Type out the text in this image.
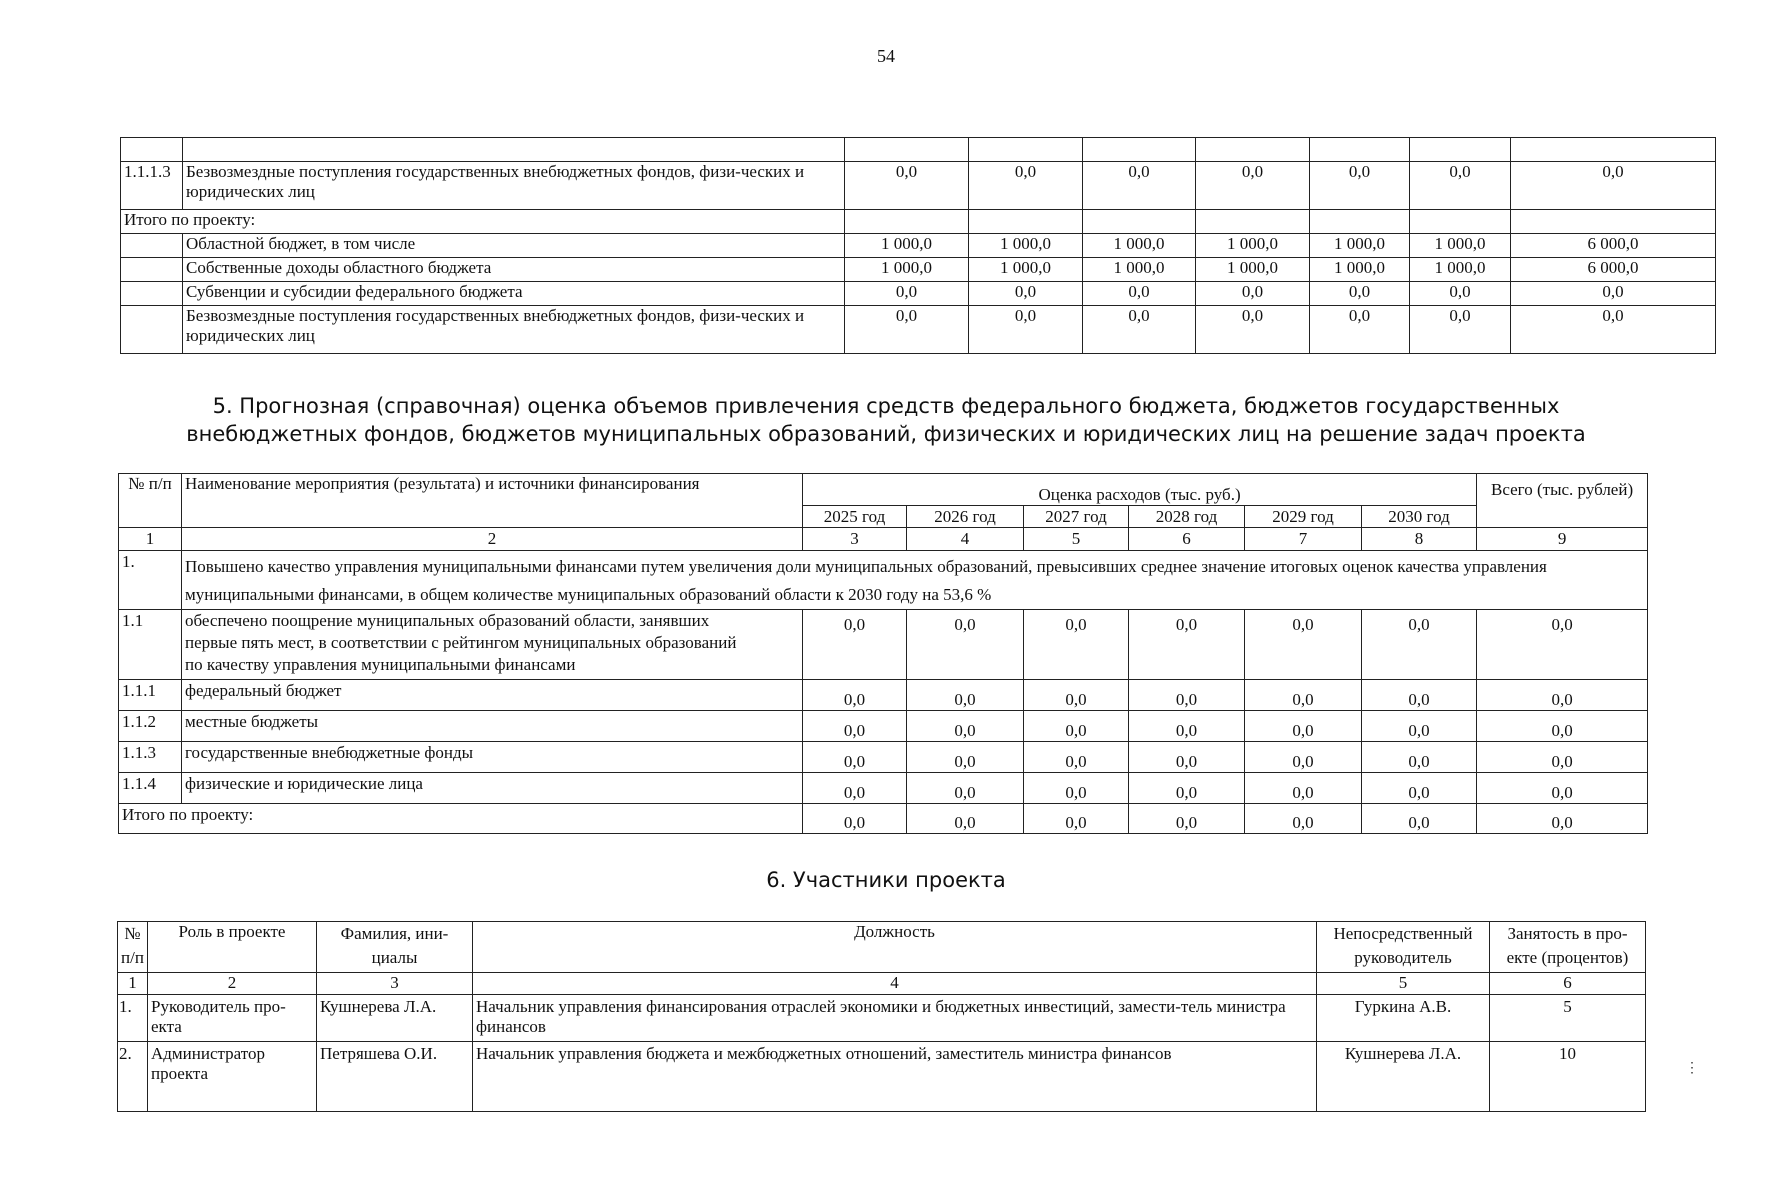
54

1.1.1.3	Безвозмездные поступления государственных внебюджетных фондов, физи-ческих и юридических лиц	0,0	0,0	0,0	0,0	0,0	0,0	0,0
Итого по проекту:								
	Областной бюджет, в том числе	1 000,0	1 000,0	1 000,0	1 000,0	1 000,0	1 000,0	6 000,0
	Собственные доходы областного бюджета	1 000,0	1 000,0	1 000,0	1 000,0	1 000,0	1 000,0	6 000,0
	Субвенции и субсидии федерального бюджета	0,0	0,0	0,0	0,0	0,0	0,0	0,0
	Безвозмездные поступления государственных внебюджетных фондов, физи-ческих и юридических лиц	0,0	0,0	0,0	0,0	0,0	0,0	0,0
5. Прогнозная (справочная) оценка объемов привлечения средств федерального бюджета, бюджетов государственных
внебюджетных фондов, бюджетов муниципальных образований, физических и юридических лиц на решение задач проекта
№ п/п	Наименование мероприятия (результата) и источники финансирования	Оценка расходов (тыс. руб.)						Всего (тыс. рублей)
		2025 год	2026 год	2027 год	2028 год	2029 год	2030 год	
1	2	3	4	5	6	7	8	9
1.	Повышено качество управления муниципальными финансами путем увеличения доли муниципальных образований, превысивших среднее значение итоговых оценок качества управления муниципальными финансами, в общем количестве муниципальных образований области к 2030 году на 53,6 %							
1.1	обеспечено поощрение муниципальных образований области, занявших первые пять мест, в соответствии с рейтингом муниципальных образований по качеству управления муниципальными финансами	0,0	0,0	0,0	0,0	0,0	0,0	0,0
1.1.1	федеральный бюджет	0,0	0,0	0,0	0,0	0,0	0,0	0,0
1.1.2	местные бюджеты	0,0	0,0	0,0	0,0	0,0	0,0	0,0
1.1.3	государственные внебюджетные фонды	0,0	0,0	0,0	0,0	0,0	0,0	0,0
1.1.4	физические и юридические лица	0,0	0,0	0,0	0,0	0,0	0,0	0,0
Итого по проекту:		0,0	0,0	0,0	0,0	0,0	0,0	0,0
6. Участники проекта
№ п/п	Роль в проекте	Фамилия, ини-циалы	Должность	Непосредственный руководитель	Занятость в про-екте (процентов)
1	2	3	4	5	6
1.	Руководитель про-екта	Кушнерева Л.А.	Начальник управления финансирования отраслей экономики и бюджетных инвестиций, замести-тель министра финансов	Гуркина А.В.	5
2.	Администратор проекта	Петряшева О.И.	Начальник управления бюджета и межбюджетных отношений, заместитель министра финансов	Кушнерева Л.А.	10
⋮
